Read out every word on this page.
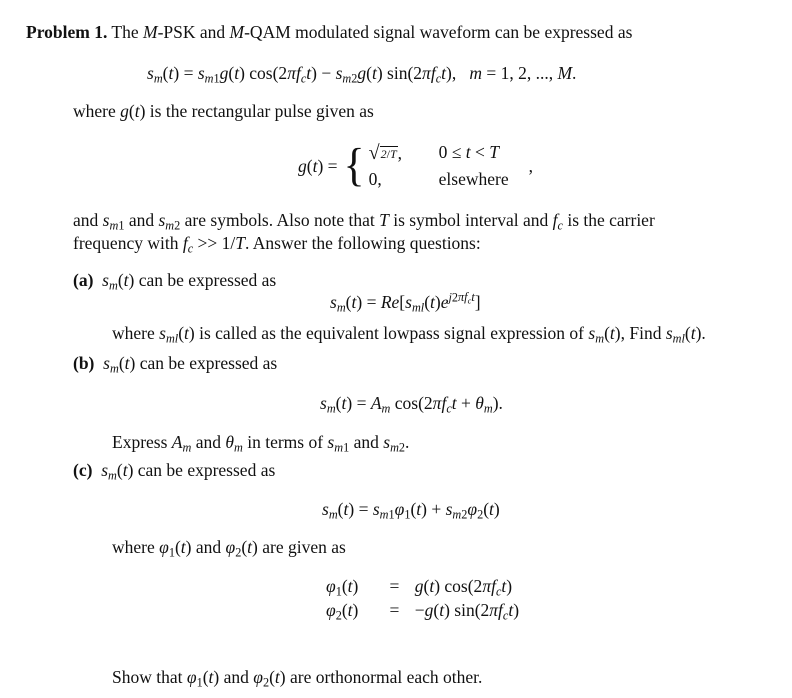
Problem 1. The M-PSK and M-QAM modulated signal waveform can be expressed as
$s_m(t) = s_{m1}g(t) \cos(2\pi f_ct) - s_{m2}g(t)$ $\sin(2\pi f_ct)$,   m = 1, 2, ..., M.
where g(t) is the rectangular pulse given as
g(t) = { √ 2/T ,	0 ≤ t < T
0,	elsewhere
,
and $s_{m1}$ and $s_{m2}$ are symbols. Also note that T is symbol interval and $f_c$ is the carrier
frequency with $f_c >> 1/T$. Answer the following questions:
(a) $s_m(t)$ can be expressed as
$s_m(t) = Re[s_{ml}(t)e^{j2\pi f_ct}]$
where $s_{ml}(t)$ is called as the equivalent lowpass signal expression of $s_m(t)$, Find $s_{ml}(t)$.
(b) $s_m(t)$ can be expressed as
$s_m(t) = A_m$ $\cos(2\pi f_ct + \theta_m)$.
Express $A_m$ and $\theta_m$ in terms of $s_{m1}$ and $s_{m2}$.
(c) $s_m(t)$ can be expressed as
$s_m(t) = s_{m1}\varphi_1(t) + s_{m2}\varphi_2(t)$
where $\varphi_1(t)$ and $\varphi_2(t)$ are given as
$\varphi_1(t) = g(t)$ $\cos(2\pi f_ct)$
$\varphi_2(t) = -g(t)$ $\sin(2\pi f_ct)$
Show that $\varphi_1(t)$ and $\varphi_2(t)$ are orthonormal each other.
